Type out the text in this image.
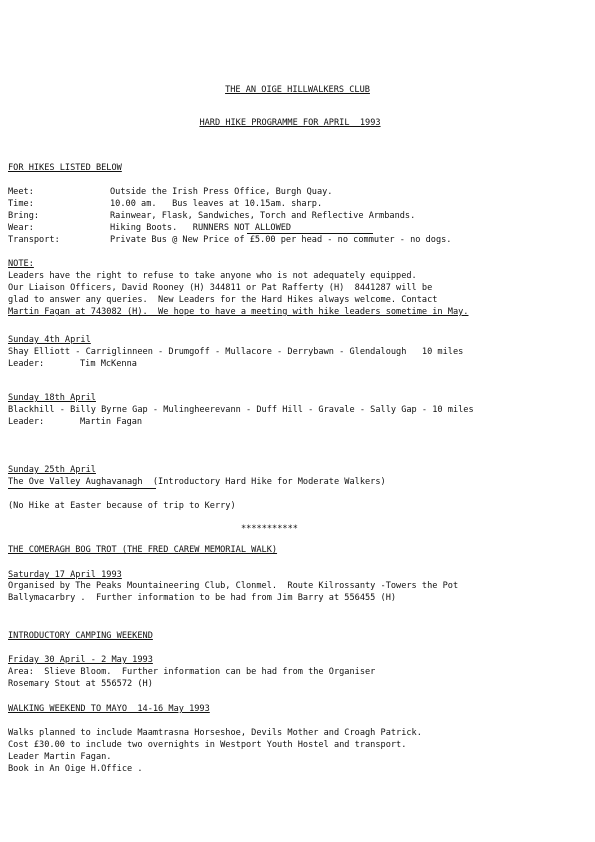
THE AN OIGE HILLWALKERS CLUB
HARD HIKE PROGRAMME FOR APRIL  1993
FOR HIKES LISTED BELOW
Meet:	Outside the Irish Press Office, Burgh Quay.
Time:	10.00 am.   Bus leaves at 10.15am. sharp.
Bring:	Rainwear, Flask, Sandwiches, Torch and Reflective Armbands.
Wear:	Hiking Boots.   RUNNERS NOT ALLOWED
Transport:	Private Bus @ New Price of £5.00 per head - no commuter - no dogs.
NOTE:
Leaders have the right to refuse to take anyone who is not adequately equipped.
Our Liaison Officers, David Rooney (H) 344811 or Pat Rafferty (H)  8441287 will be
glad to answer any queries.  New Leaders for the Hard Hikes always welcome. Contact
Martin Fagan at 743082 (H).  We hope to have a meeting with hike leaders sometime in May.
Sunday 4th April
Shay Elliott - Carriglinneen - Drumgoff - Mullacore - Derrybawn - Glendalough   10 miles
Leader:	Tim McKenna
Sunday 18th April
Blackhill - Billy Byrne Gap - Mulingheerevann - Duff Hill - Gravale - Sally Gap - 10 miles
Leader:	Martin Fagan
Sunday 25th April
The Ove Valley Aughavanagh  (Introductory Hard Hike for Moderate Walkers)
(No Hike at Easter because of trip to Kerry)
***********
THE COMERAGH BOG TROT (THE FRED CAREW MEMORIAL WALK)
Saturday 17 April 1993
Organised by The Peaks Mountaineering Club, Clonmel.  Route Kilrossanty -Towers the Pot
Ballymacarbry .  Further information to be had from Jim Barry at 556455 (H)
INTRODUCTORY CAMPING WEEKEND
Friday 30 April - 2 May 1993
Area:  Slieve Bloom.  Further information can be had from the Organiser
Rosemary Stout at 556572 (H)
WALKING WEEKEND TO MAYO  14-16 May 1993
Walks planned to include Maamtrasna Horseshoe, Devils Mother and Croagh Patrick.
Cost £30.00 to include two overnights in Westport Youth Hostel and transport.
Leader Martin Fagan.
Book in An Oige H.Office .
